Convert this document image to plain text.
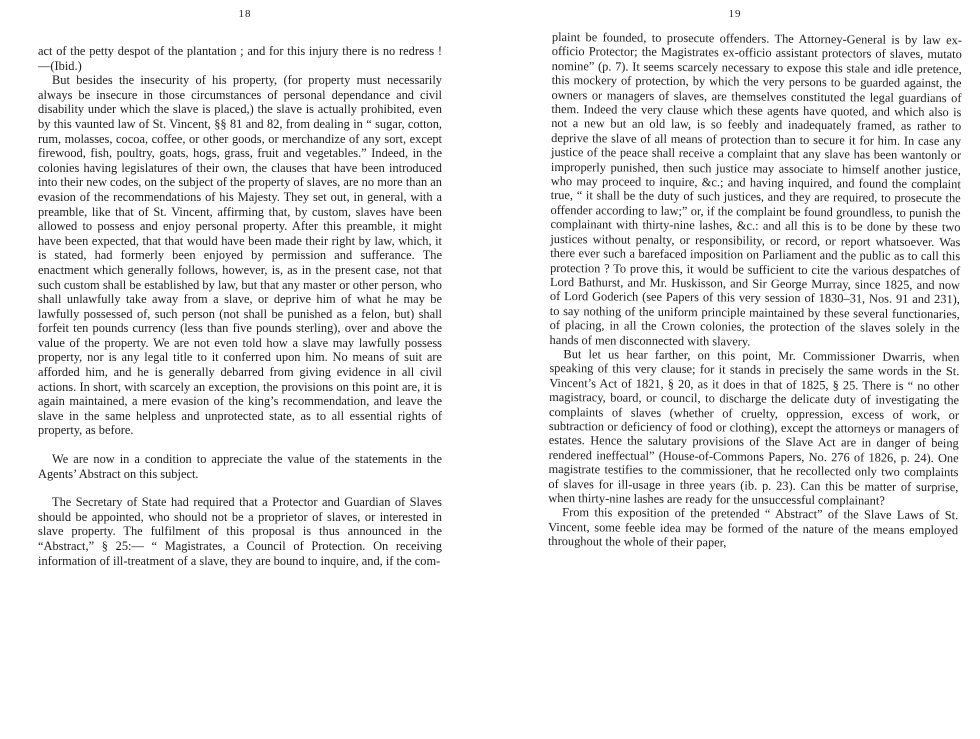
18

act of the petty despot of the plantation ; and for this injury there is no redress !—(Ibid.)

But besides the insecurity of his property, (for property must necessarily always be insecure in those circumstances of personal dependance and civil disability under which the slave is placed,) the slave is actually prohibited, even by this vaunted law of St. Vincent, §§ 81 and 82, from dealing in “ sugar, cotton, rum, molasses, cocoa, coffee, or other goods, or merchandize of any sort, except firewood, fish, poultry, goats, hogs, grass, fruit and vegetables.” Indeed, in the colonies having legislatures of their own, the clauses that have been introduced into their new codes, on the subject of the property of slaves, are no more than an evasion of the recommendations of his Majesty. They set out, in general, with a preamble, like that of St. Vincent, affirming that, by custom, slaves have been allowed to possess and enjoy personal property. After this preamble, it might have been expected, that that would have been made their right by law, which, it is stated, had formerly been enjoyed by permission and sufferance. The enactment which generally follows, however, is, as in the present case, not that such custom shall be established by law, but that any master or other person, who shall unlawfully take away from a slave, or deprive him of what he may be lawfully possessed of, such person (not shall be punished as a felon, but) shall forfeit ten pounds currency (less than five pounds sterling), over and above the value of the property. We are not even told how a slave may lawfully possess property, nor is any legal title to it conferred upon him. No means of suit are afforded him, and he is generally debarred from giving evidence in all civil actions. In short, with scarcely an exception, the provisions on this point are, it is again maintained, a mere evasion of the king’s recommendation, and leave the slave in the same helpless and unprotected state, as to all essential rights of property, as before.

We are now in a condition to appreciate the value of the statements in the Agents’ Abstract on this subject.

The Secretary of State had required that a Protector and Guardian of Slaves should be appointed, who should not be a proprietor of slaves, or interested in slave property. The fulfilment of this proposal is thus announced in the “Abstract,” § 25:— “ Magistrates, a Council of Protection. On receiving information of ill-treatment of a slave, they are bound to inquire, and, if the com-

19

plaint be founded, to prosecute offenders. The Attorney-General is by law ex-officio Protector; the Magistrates ex-officio assistant protectors of slaves, mutato nomine” (p. 7). It seems scarcely necessary to expose this stale and idle pretence, this mockery of protection, by which the very persons to be guarded against, the owners or managers of slaves, are themselves constituted the legal guardians of them. Indeed the very clause which these agents have quoted, and which also is not a new but an old law, is so feebly and inadequately framed, as rather to deprive the slave of all means of protection than to secure it for him. In case any justice of the peace shall receive a complaint that any slave has been wantonly or improperly punished, then such justice may associate to himself another justice, who may proceed to inquire, &c.; and having inquired, and found the complaint true, “ it shall be the duty of such justices, and they are required, to prosecute the offender according to law;” or, if the complaint be found groundless, to punish the complainant with thirty-nine lashes, &c.: and all this is to be done by these two justices without penalty, or responsibility, or record, or report whatsoever. Was there ever such a barefaced imposition on Parliament and the public as to call this protection ? To prove this, it would be sufficient to cite the various despatches of Lord Bathurst, and Mr. Huskisson, and Sir George Murray, since 1825, and now of Lord Goderich (see Papers of this very session of 1830–31, Nos. 91 and 231), to say nothing of the uniform principle maintained by these several functionaries, of placing, in all the Crown colonies, the protection of the slaves solely in the hands of men disconnected with slavery.

But let us hear farther, on this point, Mr. Commissioner Dwarris, when speaking of this very clause; for it stands in precisely the same words in the St. Vincent’s Act of 1821, § 20, as it does in that of 1825, § 25. There is “ no other magistracy, board, or council, to discharge the delicate duty of investigating the complaints of slaves (whether of cruelty, oppression, excess of work, or subtraction or deficiency of food or clothing), except the attorneys or managers of estates. Hence the salutary provisions of the Slave Act are in danger of being rendered ineffectual” (House-of-Commons Papers, No. 276 of 1826, p. 24). One magistrate testifies to the commissioner, that he recollected only two complaints of slaves for ill-usage in three years (ib. p. 23). Can this be matter of surprise, when thirty-nine lashes are ready for the unsuccessful complainant?

From this exposition of the pretended “ Abstract” of the Slave Laws of St. Vincent, some feeble idea may be formed of the nature of the means employed throughout the whole of their paper,
